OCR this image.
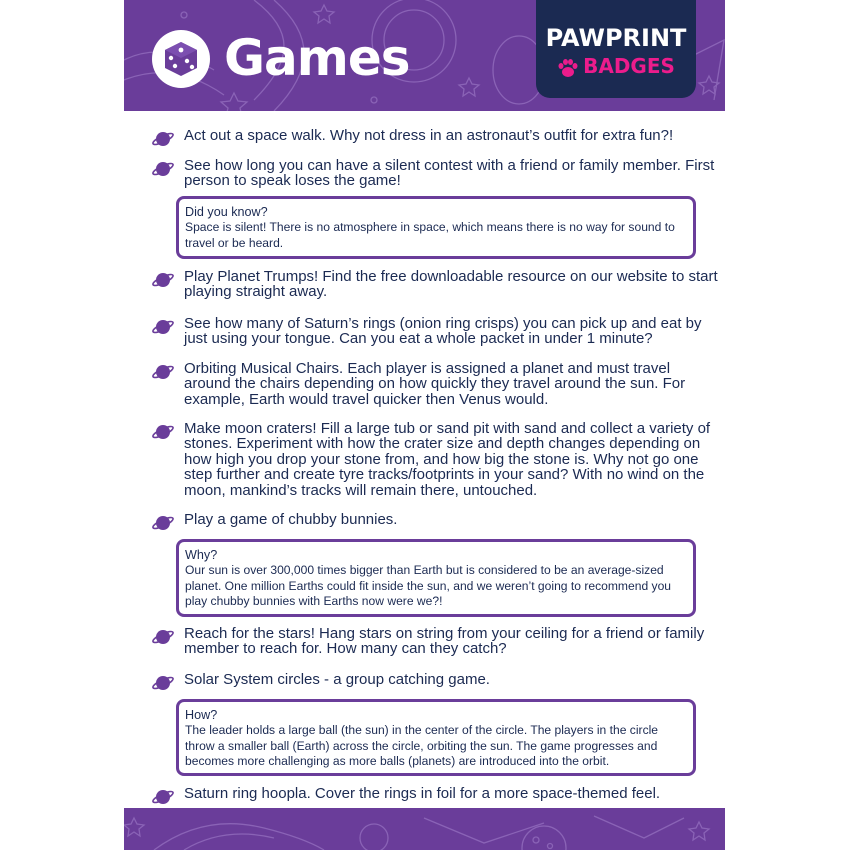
Games	PAWPRINT
BADGES
Act out a space walk. Why not dress in an astronaut’s outfit for extra fun?!
See how long you can have a silent contest with a friend or family member. First person to speak loses the game!
Did you know?
Space is silent! There is no atmosphere in space, which means there is no way for sound to travel or be heard.
Play Planet Trumps! Find the free downloadable resource on our website to start playing straight away.
See how many of Saturn’s rings (onion ring crisps) you can pick up and eat by just using your tongue. Can you eat a whole packet in under 1 minute?
Orbiting Musical Chairs. Each player is assigned a planet and must travel around the chairs depending on how quickly they travel around the sun. For example, Earth would travel quicker then Venus would.
Make moon craters! Fill a large tub or sand pit with sand and collect a variety of stones. Experiment with how the crater size and depth changes depending on how high you drop your stone from, and how big the stone is. Why not go one step further and create tyre tracks/footprints in your sand? With no wind on the moon, mankind’s tracks will remain there, untouched.
Play a game of chubby bunnies.
Why?
Our sun is over 300,000 times bigger than Earth but is considered to be an average-sized planet. One million Earths could fit inside the sun, and we weren’t going to recommend you play chubby bunnies with Earths now were we?!
Reach for the stars! Hang stars on string from your ceiling for a friend or family member to reach for. How many can they catch?
Solar System circles - a group catching game.
How?
The leader holds a large ball (the sun) in the center of the circle. The players in the circle throw a smaller ball (Earth) across the circle, orbiting the sun. The game progresses and becomes more challenging as more balls (planets) are introduced into the orbit.
Saturn ring hoopla. Cover the rings in foil for a more space-themed feel.
